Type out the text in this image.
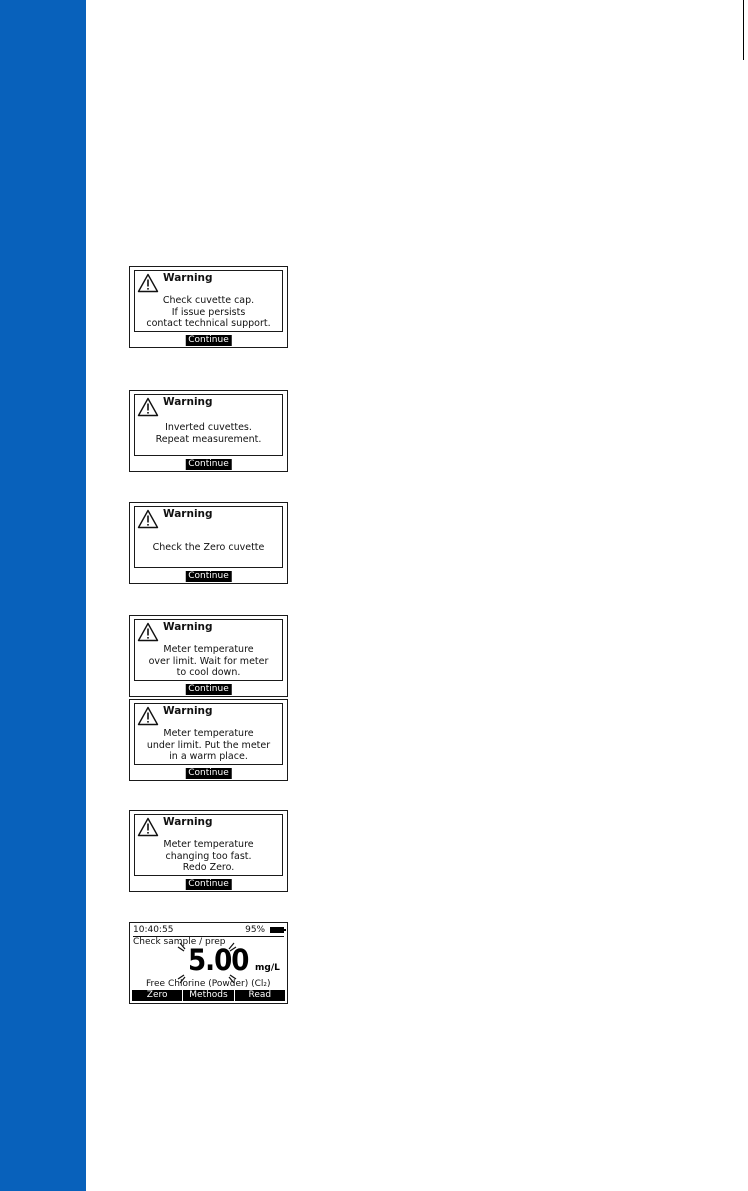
Warning
Check cuvette cap.
If issue persists
contact technical support.
Continue
Warning
Inverted cuvettes.
Repeat measurement.
Continue
Warning
Check the Zero cuvette
Continue
Warning
Meter temperature
over limit. Wait for meter
to cool down.
Continue
Warning
Meter temperature
under limit. Put the meter
in a warm place.
Continue
Warning
Meter temperature
changing too fast.
Redo Zero.
Continue
10:40:55	95%
Check sample / prep
5.00 mg/L
Free Chlorine (Powder) (Cl₂)
Zero	Methods	Read
